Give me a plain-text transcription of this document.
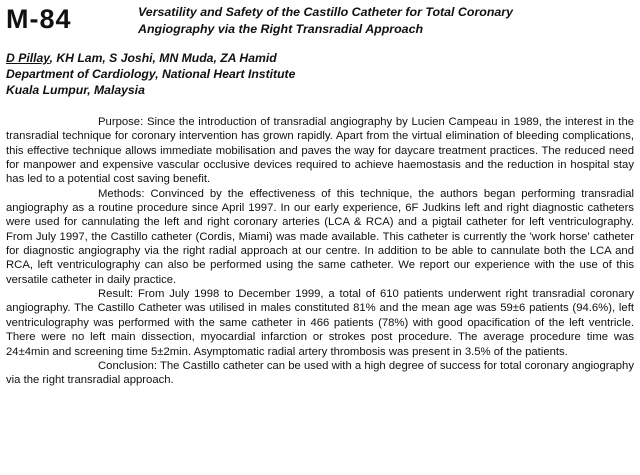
M-84	Versatility and Safety of the Castillo Catheter for Total Coronary
Angiography via the Right Transradial Approach
D Pillay, KH Lam, S Joshi, MN Muda, ZA Hamid
Department of Cardiology, National Heart Institute
Kuala Lumpur, Malaysia

Purpose: Since the introduction of transradial angiography by Lucien Campeau in 1989, the interest in the transradial technique for coronary intervention has grown rapidly. Apart from the virtual elimination of bleeding complications, this effective technique allows immediate mobilisation and paves the way for daycare treatment practices. The reduced need for manpower and expensive vascular occlusive devices required to achieve haemostasis and the reduction in hospital stay has led to a potential cost saving benefit.

Methods: Convinced by the effectiveness of this technique, the authors began performing transradial angiography as a routine procedure since April 1997. In our early experience, 6F Judkins left and right diagnostic catheters were used for cannulating the left and right coronary arteries (LCA & RCA) and a pigtail catheter for left ventriculography. From July 1997, the Castillo catheter (Cordis, Miami) was made available. This catheter is currently the 'work horse' catheter for diagnostic angiography via the right radial approach at our centre. In addition to be able to cannulate both the LCA and RCA, left ventriculography can also be performed using the same catheter. We report our experience with the use of this versatile catheter in daily practice.

Result: From July 1998 to December 1999, a total of 610 patients underwent right transradial coronary angiography. The Castillo Catheter was utilised in males constituted 81% and the mean age was 59±6 patients (94.6%), left ventriculography was performed with the same catheter in 466 patients (78%) with good opacification of the left ventricle. There were no left main dissection, myocardial infarction or strokes post procedure. The average procedure time was 24±4min and screening time 5±2min. Asymptomatic radial artery thrombosis was present in 3.5% of the patients.

Conclusion: The Castillo catheter can be used with a high degree of success for total coronary angiography via the right transradial approach.
